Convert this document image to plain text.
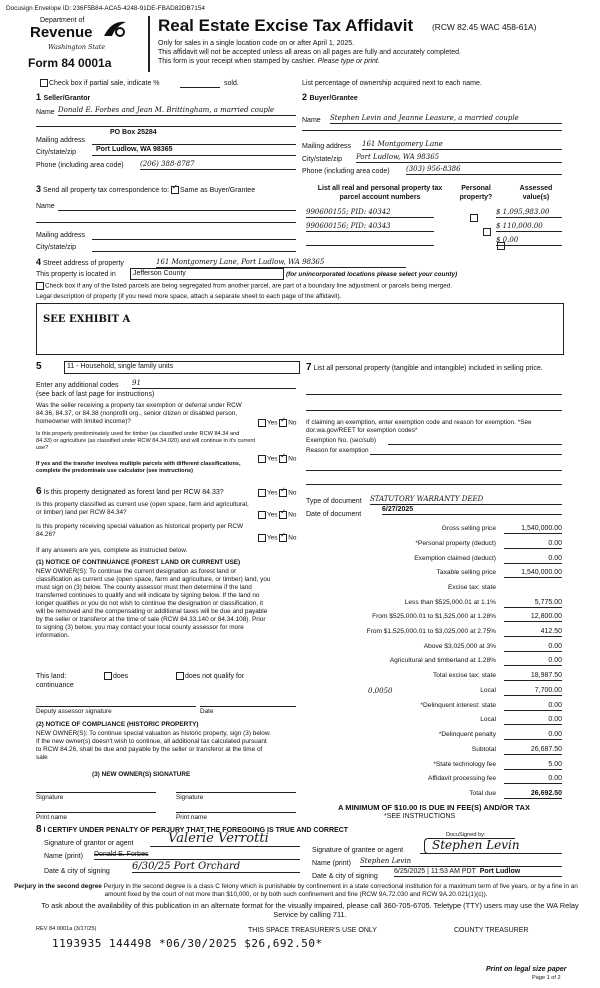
Docusign Envelope ID: 236F5B84-ACA5-4248-91DE-FBAD82DB7154
Department of
Revenue
Washington State
Form 84 0001a
Real Estate Excise Tax Affidavit (RCW 82.45 WAC 458-61A)
Only for sales in a single location code on or after April 1, 2025.
This affidavit will not be accepted unless all areas on all pages are fully and accurately completed.
This form is your receipt when stamped by cashier. Please type or print.
Check box if partial sale, indicate %	sold.	List percentage of ownership acquired next to each name.
1 Seller/Grantor
Name Donald E. Forbes and Jean M. Brittingham, a married couple
PO Box 25284
Mailing address
City/state/zip	Port Ludlow, WA 98365
Phone (including area code) (206) 388-8787
2 Buyer/Grantee
Name Stephen Levin and Jeanne Leasure, a married couple
Mailing address 161 Montgomery Lane
City/state/zip Port Ludlow, WA 98365
Phone (including area code) (303) 956-8386
3 Send all property tax correspondence to: ✓ Same as Buyer/Grantee
Name
Mailing address
City/state/zip
List all real and personal property tax
parcel account numbers
Personal
property?
Assessed
value(s)
990600155; PID: 40342
	$ 1,095,983.00
990600156; PID: 40343
	$ 110,000.00
$ 0.00
4 Street address of property	161 Montgomery Lane, Port Ludlow, WA 98365
This property is located in	Jefferson County	(for unincorporated locations please select your county)
Check box if any of the listed parcels are being segregated from another parcel, are part of a boundary line adjustment or parcels being merged.
Legal description of property (if you need more space, attach a separate sheet to each page of the affidavit).
SEE EXHIBIT A
5	11 - Household, single family units
Enter any additional codes 91
(see back of last page for instructions)
Was the seller receiving a property tax exemption or deferral under RCW 84.36, 84.37, or 84.38 (nonprofit org., senior citizen or disabled person, homeowner with limited income)?	Yes ✓ No
Is this property predominately used for timber (as classified under RCW 84.34 and 84.33) or agriculture (as classified under RCW 84.34.020) and will continue in it's current use?
If yes and the transfer involves multiple parcels with different classifications, complete the predominate use calculator (see instructions)
Yes ✓ No
7 List all personal property (tangible and intangible) included in selling price.
If claiming an exemption, enter exemption code and reason for exemption. *See dor.wa.gov/REET for exemption codes*
Exemption No. (sec/sub)
Reason for exemption
Type of document STATUTORY WARRANTY DEED
Date of document
6/27/2025
6 Is this property designated as forest land per RCW 84.33?	Yes ✓ No
Is this property classified as current use (open space, farm and agricultural, or timber) land per RCW 84.34?	Yes ✓ No
Is this property receiving special valuation as historical property per RCW 84.26?
Yes ✓ No
If any answers are yes, complete as instructed below.
(1) NOTICE OF CONTINUANCE (FOREST LAND OR CURRENT USE)
NEW OWNER(S): To continue the current designation as forest land or classification as current use (open space, farm and agriculture, or timber) land, you must sign on (3) below. The county assessor must then determine if the land transferred continues to qualify and will indicate by signing below. If the land no longer qualifies or you do not wish to continue the designation or classification, it will be removed and the compensating or additional taxes will be due and payable by the seller or transferor at the time of sale (RCW 84.33.140 or 84.34.108). Prior to signing (3) below, you may contact your local county assessor for more information.
This land:	does	does not qualify for
continuance
Deputy assessor signature	Date
(2) NOTICE OF COMPLIANCE (HISTORIC PROPERTY)
NEW OWNER(S): To continue special valuation as historic property, sign (3) below. If the new owner(s) doesn't wish to continue, all additional tax calculated pursuant to RCW 84.26, shall be due and payable by the seller or transferor at the time of sale
(3) NEW OWNER(S) SIGNATURE
Signature	Signature
Print name	Print name
Gross selling price	1,540,000.00
*Personal property (deduct)	0.00
Exemption claimed (deduct)	0.00
Taxable selling price	1,540,000.00
Excise tax: state
Less than $525,000.01 at 1.1%	5,775.00
From $525,000.01 to $1,525,000 at 1.28%	12,800.00
From $1,525,000.01 to $3,025,000 at 2.75%	412.50
Above $3,025,000 at 3%	0.00
Agricultural and timberland at 1.28%	0.00
Total excise tax: state	18,987.50
Local
0.0050	7,700.00
*Delinquent interest: state	0.00
Local	0.00
*Delinquent penalty	0.00
Subtotal	26,687.50
*State technology fee	5.00
Affidavit processing fee	0.00
Total due	26,692.50
A MINIMUM OF $10.00 IS DUE IN FEE(S) AND/OR TAX
*SEE INSTRUCTIONS
8 I CERTIFY UNDER PENALTY OF PERJURY THAT THE FOREGOING IS TRUE AND CORRECT
Signature of grantor or agent	Valerie Verrotti
Name (print) Donald E. Forbes
Date & city of signing 6/30/25 Port Orchard
DocuSigned by:
Signature of grantee or agent Stephen Levin
Name (print) Stephen Levin
Date & city of signing
6/25/2025 | 11:53 AM PDT Port Ludlow
Perjury in the second degree Perjury in the second degree is a class C felony which is punishable by confinement in a state correctional institution for a maximum term of five years, or by a fine in an amount fixed by the court of not more than $10,000, or by both such confinement and fine (RCW 9A.72.030 and RCW 9A.20.021(1)(c)).
To ask about the availability of this publication in an alternate format for the visually impaired, please call 360-705-6705. Teletype (TTY) users may use the WA Relay Service by calling 711.
REV 84 0001a (3/17/25)	THIS SPACE TREASURER'S USE ONLY	COUNTY TREASURER
1193935 144498 *06/30/2025 $26,692.50*
Print on legal size paper
Page 1 of 2
